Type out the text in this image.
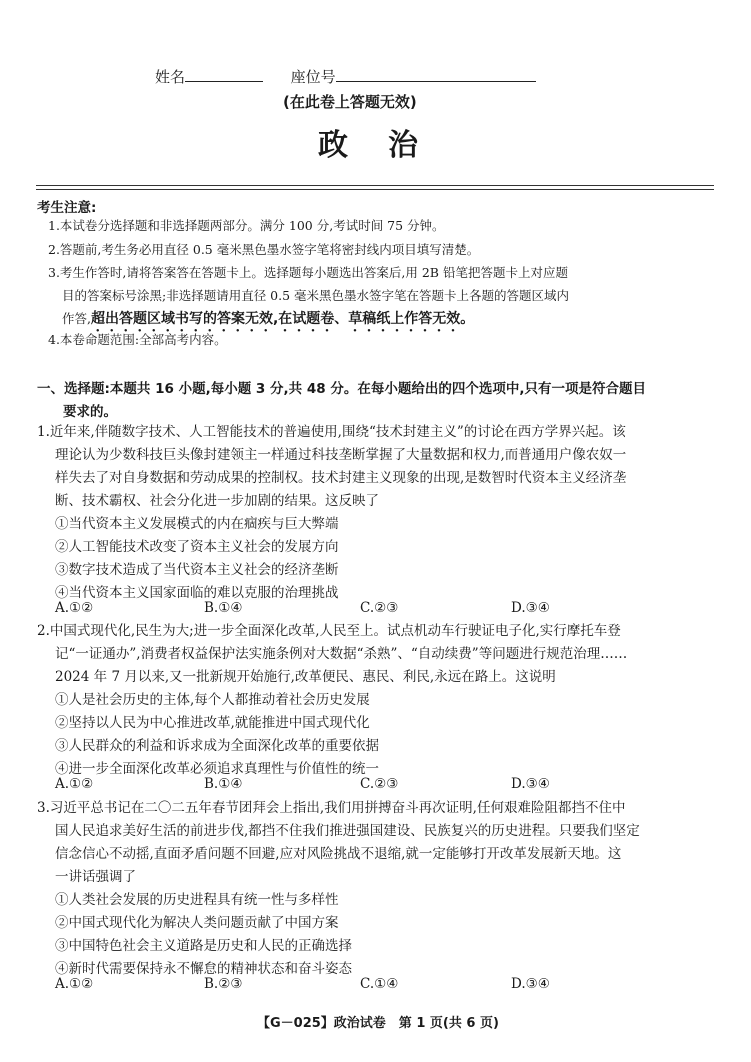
姓名	座位号
(在此卷上答题无效)
政治
考生注意:
1.本试卷分选择题和非选择题两部分。满分 100 分,考试时间 75 分钟。
2.答题前,考生务必用直径 0.5 毫米黑色墨水签字笔将密封线内项目填写清楚。
3.考生作答时,请将答案答在答题卡上。选择题每小题选出答案后,用 2B 铅笔把答题卡上对应题
目的答案标号涂黑;非选择题请用直径 0.5 毫米黑色墨水签字笔在答题卡上各题的答题区域内
作答,超出答题区域书写的答案无效,在试题卷、草稿纸上作答无效。
4.本卷命题范围:全部高考内容。
一、选择题:本题共 16 小题,每小题 3 分,共 48 分。在每小题给出的四个选项中,只有一项是符合题目
要求的。
1.近年来,伴随数字技术、人工智能技术的普遍使用,围绕“技术封建主义”的讨论在西方学界兴起。该
理论认为少数科技巨头像封建领主一样通过科技垄断掌握了大量数据和权力,而普通用户像农奴一
样失去了对自身数据和劳动成果的控制权。技术封建主义现象的出现,是数智时代资本主义经济垄
断、技术霸权、社会分化进一步加剧的结果。这反映了
①当代资本主义发展模式的内在痼疾与巨大弊端
②人工智能技术改变了资本主义社会的发展方向
③数字技术造成了当代资本主义社会的经济垄断
④当代资本主义国家面临的难以克服的治理挑战
A.①②	B.①④	C.②③	D.③④
2.中国式现代化,民生为大;进一步全面深化改革,人民至上。试点机动车行驶证电子化,实行摩托车登
记“一证通办”,消费者权益保护法实施条例对大数据“杀熟”、“自动续费”等问题进行规范治理……
2024 年 7 月以来,又一批新规开始施行,改革便民、惠民、利民,永远在路上。这说明
①人是社会历史的主体,每个人都推动着社会历史发展
②坚持以人民为中心推进改革,就能推进中国式现代化
③人民群众的利益和诉求成为全面深化改革的重要依据
④进一步全面深化改革必须追求真理性与价值性的统一
A.①②	B.①④	C.②③	D.③④
3.习近平总书记在二〇二五年春节团拜会上指出,我们用拼搏奋斗再次证明,任何艰难险阻都挡不住中
国人民追求美好生活的前进步伐,都挡不住我们推进强国建设、民族复兴的历史进程。只要我们坚定
信念信心不动摇,直面矛盾问题不回避,应对风险挑战不退缩,就一定能够打开改革发展新天地。这
一讲话强调了
①人类社会发展的历史进程具有统一性与多样性
②中国式现代化为解决人类问题贡献了中国方案
③中国特色社会主义道路是历史和人民的正确选择
④新时代需要保持永不懈怠的精神状态和奋斗姿态
A.①②	B.②③	C.①④	D.③④
【G－025】政治试卷　第 1 页(共 6 页)
